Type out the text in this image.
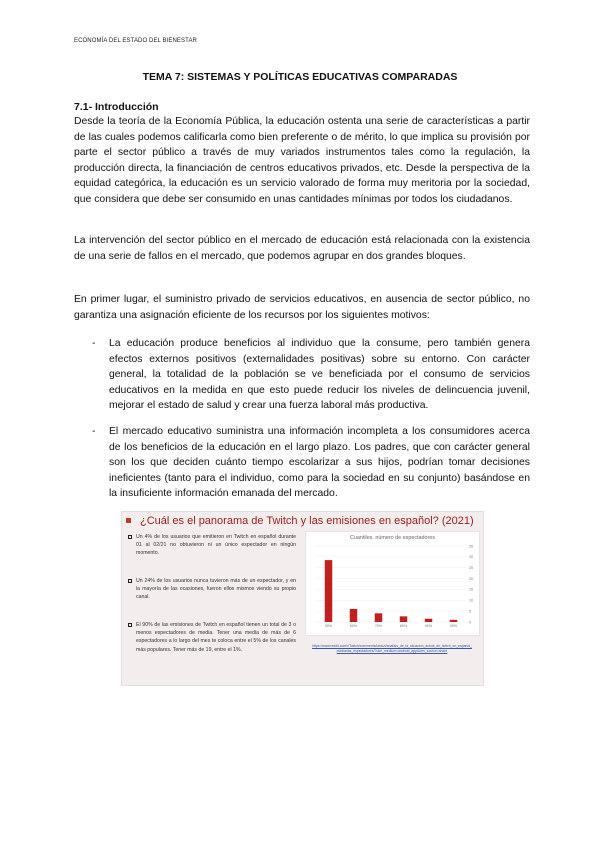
ECONOMÍA DEL ESTADO DEL BIENESTAR
TEMA 7: SISTEMAS Y POLÍTICAS EDUCATIVAS COMPARADAS
7.1- Introducción

Desde la teoría de la Economía Pública, la educación ostenta una serie de características a partir de las cuales podemos calificarla como bien preferente o de mérito, lo que implica su provisión por parte el sector público a través de muy variados instrumentos tales como la regulación, la producción directa, la financiación de centros educativos privados, etc. Desde la perspectiva de la equidad categórica, la educación es un servicio valorado de forma muy meritoria por la sociedad, que considera que debe ser consumido en unas cantidades mínimas por todos los ciudadanos.

La intervención del sector público en el mercado de educación está relacionada con la existencia de una serie de fallos en el mercado, que podemos agrupar en dos grandes bloques.

En primer lugar, el suministro privado de servicios educativos, en ausencia de sector público, no garantiza una asignación eficiente de los recursos por los siguientes motivos:

- La educación produce beneficios al individuo que la consume, pero también genera efectos externos positivos (externalidades positivas) sobre su entorno. Con carácter general, la totalidad de la población se ve beneficiada por el consumo de servicios educativos en la medida en que esto puede reducir los niveles de delincuencia juvenil, mejorar el estado de salud y crear una fuerza laboral más productiva.
- El mercado educativo suministra una información incompleta a los consumidores acerca de los beneficios de la educación en el largo plazo. Los padres, que con carácter general son los que deciden cuánto tiempo escolarizar a sus hijos, podrían tomar decisiones ineficientes (tanto para el individuo, como para la sociedad en su conjunto) basándose en la insuficiente información emanada del mercado.
¿Cuál es el panorama de Twitch y las emisiones en español? (2021)
Un 4% de los usuarios que emitieron en Twitch en español durante 01 al 02/21 no obtuvieron ni un único espectador en ningún momento.
Un 24% de los usuarios nunca tuvieron más de un espectador, y en la mayoría de las ocasiones, fueron ellos mismos viendo su propio canal.
El 90% de las emisiones de Twitch en español tienen un total de 3 o menos espectadores de media. Tener una media de más de 6 espectadores a lo largo del mes te coloca entre el 5% de los canales más populares. Tener más de 19, entre el 1%.
Cuantiles. número de espectadores
0
5
10
15
20
25
30
35
50%	60%	70%	80%	90%	95%
https://www.reddit.com/r/Twitch/comments/lwouzi/analisis_de_la_situacion_actual_de_twitch_en_espanol_medianas_espectadores/?utm_medium=android_app&utm_source=share
